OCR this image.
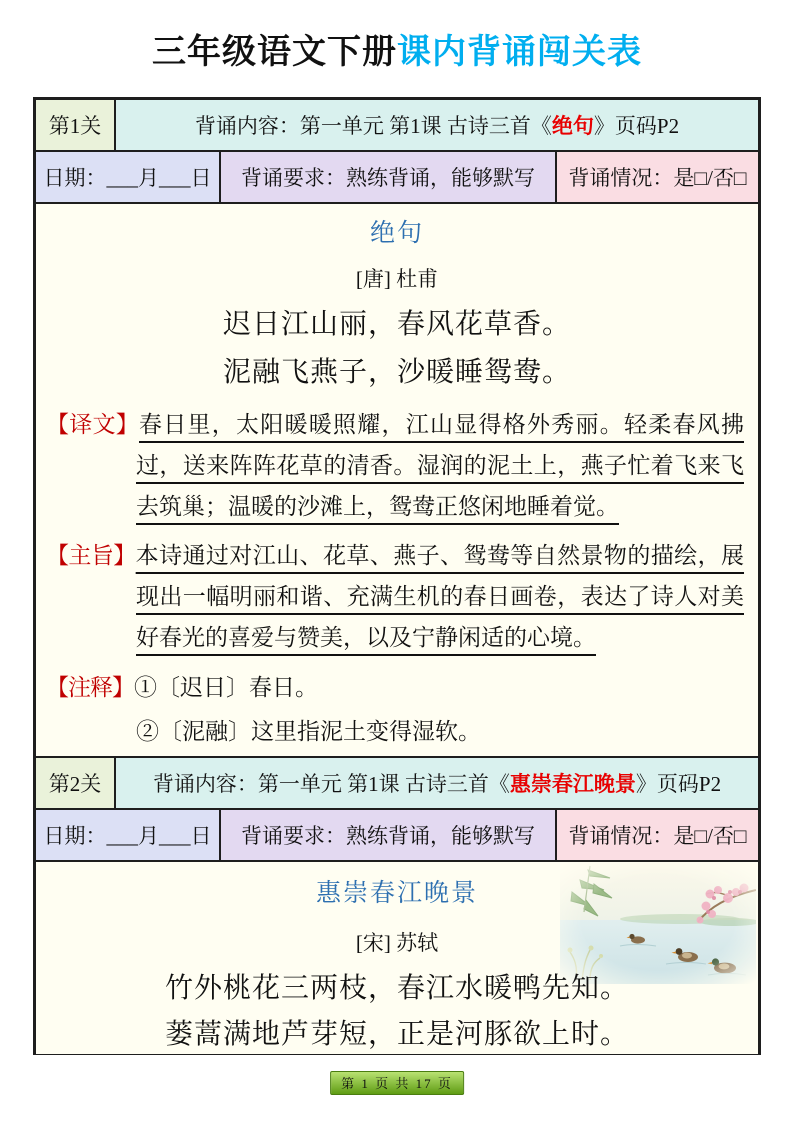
三年级语文下册课内背诵闯关表
第1关	背诵内容：第一单元 第1课 古诗三首《 绝句 》页码P2
日期：___月___日	背诵要求：熟练背诵，能够默写	背诵情况：是□/否□
绝句
[唐] 杜甫
迟日江山丽，春风花草香。
泥融飞燕子，沙暖睡鸳鸯。
【译文】春日里，太阳暖暖照耀，江山显得格外秀丽。轻柔春风拂过，送来阵阵花草的清香。湿润的泥土上，燕子忙着飞来飞去筑巢；温暖的沙滩上，鸳鸯正悠闲地睡着觉。
【主旨】本诗通过对江山、花草、燕子、鸳鸯等自然景物的描绘，展现出一幅明丽和谐、充满生机的春日画卷，表达了诗人对美好春光的喜爱与赞美，以及宁静闲适的心境。
【注释】①〔迟日〕春日。
②〔泥融〕这里指泥土变得湿软。
第2关	背诵内容：第一单元 第1课 古诗三首《 惠崇春江晚景 》页码P2
日期：___月___日	背诵要求：熟练背诵，能够默写	背诵情况：是□/否□
惠崇春江晚景
[宋] 苏轼
竹外桃花三两枝，春江水暖鸭先知。
蒌蒿满地芦芽短，正是河豚欲上时。
第 1 页 共 17 页
